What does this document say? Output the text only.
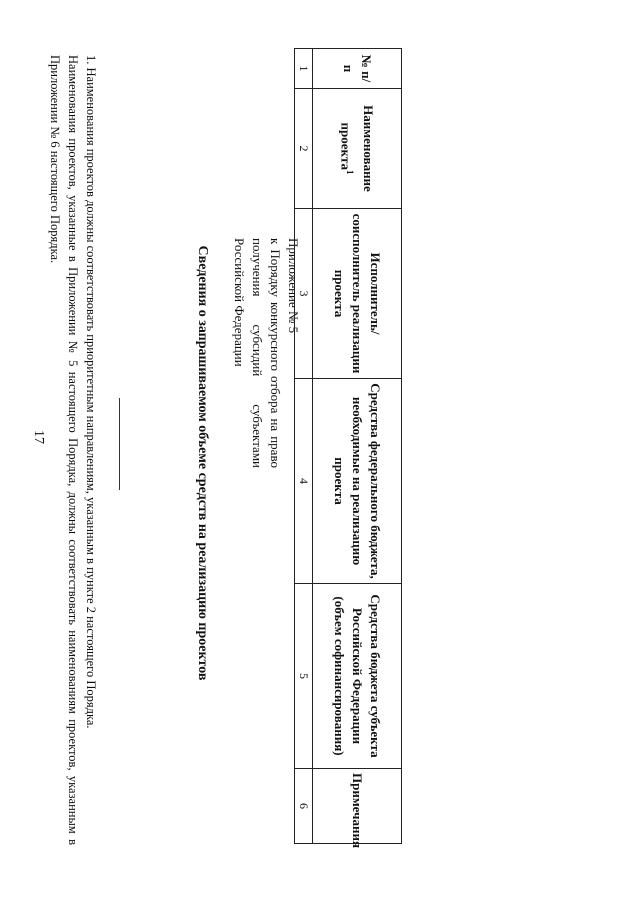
17
Приложение № 5
к Порядку конкурсного отбора на право
получения субсидий субъектами
Российской Федерации
Сведения о запрашиваемом объеме средств на реализацию проектов
№ п/п	Наименование проекта$^1$	Исполнитель/ соисполнитель реализации проекта	Средства федерального бюджета, необходимые на реализацию проекта	Средства бюджета субъекта Российской Федерации (объем софинансирования)	Примечания
1	2	3	4	5	6

1. Наименования проектов должны соответствовать приоритетным направлениям, указанным в пункте 2 настоящего Порядка.

Наименования проектов, указанные в Приложении № 5 настоящего Порядка, должны соответствовать наименованиям проектов, указанным в Приложении № 6 настоящего Порядка.
